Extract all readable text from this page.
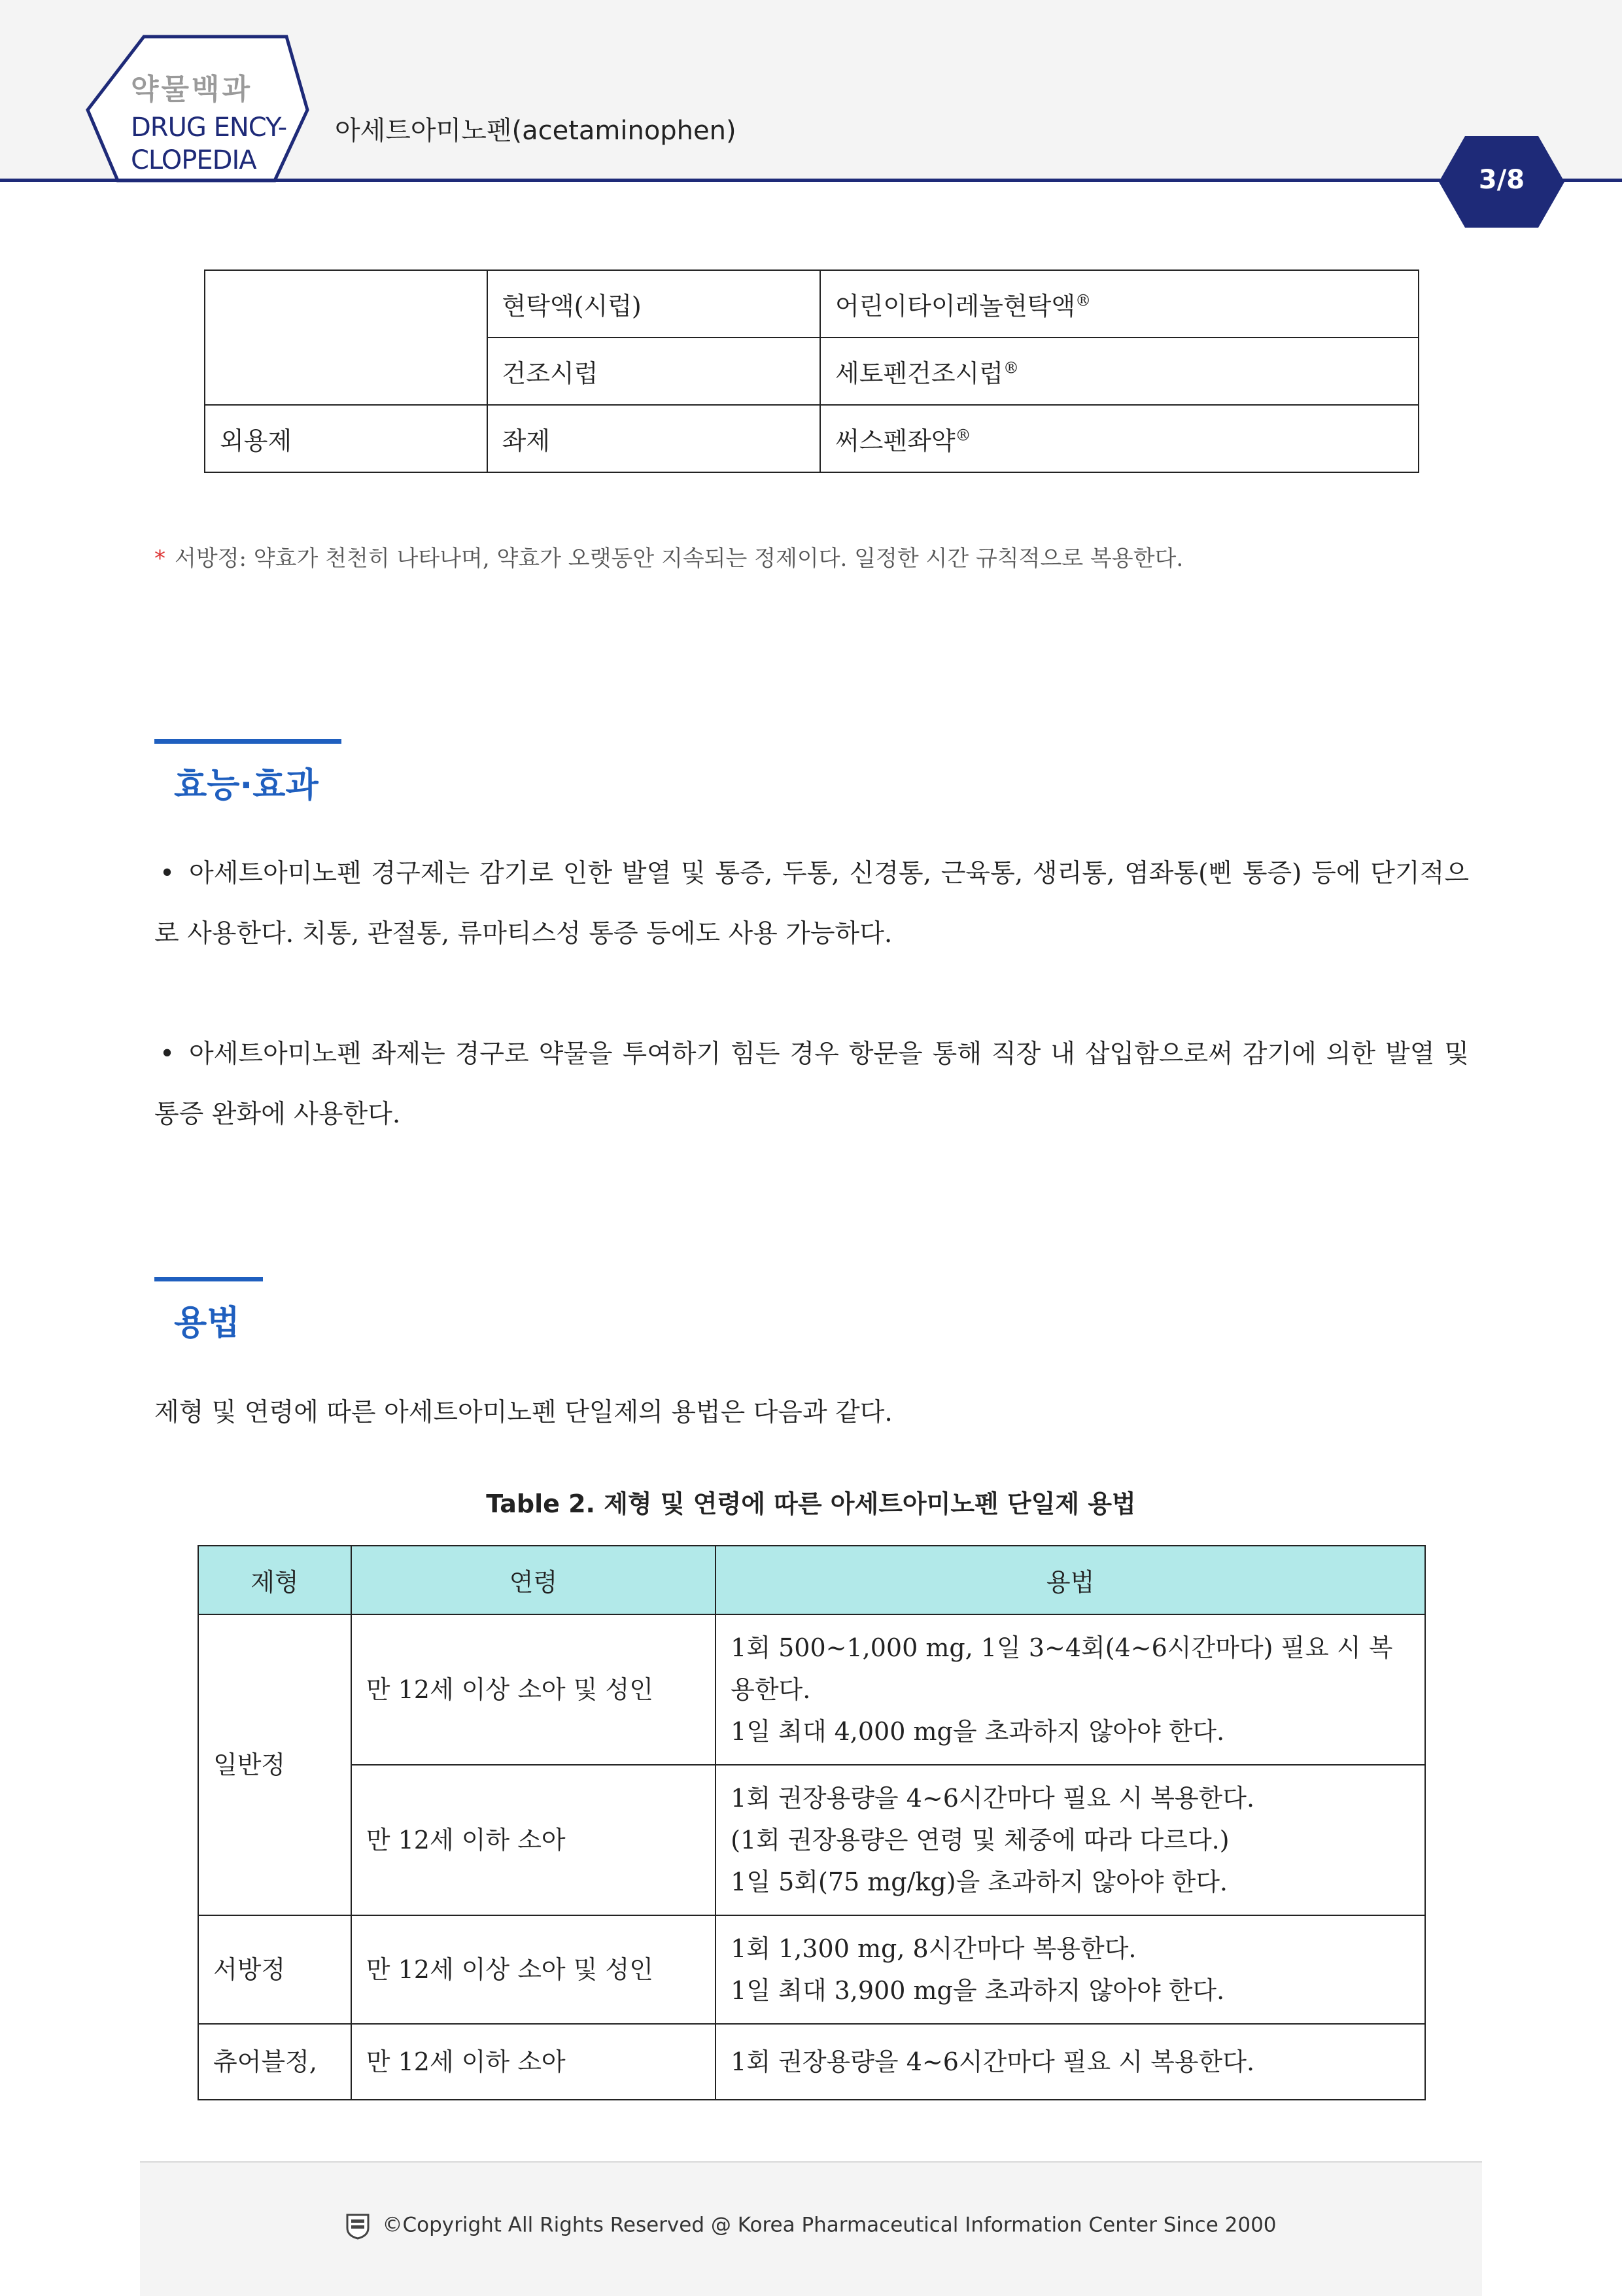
약물백과
DRUG ENCY-
CLOPEDIA
아세트아미노펜(acetaminophen)
3/8
	현탁액(시럽)	어린이타이레놀현탁액®
	건조시럽	세토펜건조시럽®
외용제	좌제	써스펜좌약®
* 서방정: 약효가 천천히 나타나며, 약효가 오랫동안 지속되는 정제이다. 일정한 시간 규칙적으로 복용한다.
효능·효과
• 아세트아미노펜 경구제는 감기로 인한 발열 및 통증, 두통, 신경통, 근육통, 생리통, 염좌통(삔 통증) 등에 단기적으로 사용한다. 치통, 관절통, 류마티스성 통증 등에도 사용 가능하다.
• 아세트아미노펜 좌제는 경구로 약물을 투여하기 힘든 경우 항문을 통해 직장 내 삽입함으로써 감기에 의한 발열 및 통증 완화에 사용한다.
용법
제형 및 연령에 따른 아세트아미노펜 단일제의 용법은 다음과 같다.
Table 2. 제형 및 연령에 따른 아세트아미노펜 단일제 용법
제형	연령	용법
일반정	만 12세 이상 소아 및 성인	1회 500~1,000 mg, 1일 3~4회(4~6시간마다) 필요 시 복용한다.
1일 최대 4,000 mg을 초과하지 않아야 한다.

	만 12세 이하 소아	1회 권장용량을 4~6시간마다 필요 시 복용한다.
(1회 권장용량은 연령 및 체중에 따라 다르다.)
1일 5회(75 mg/kg)을 초과하지 않아야 한다.

서방정	만 12세 이상 소아 및 성인	1회 1,300 mg, 8시간마다 복용한다.
1일 최대 3,900 mg을 초과하지 않아야 한다.

츄어블정,	만 12세 이하 소아	1회 권장용량을 4~6시간마다 필요 시 복용한다.
©Copyright All Rights Reserved @ Korea Pharmaceutical Information Center Since 2000
